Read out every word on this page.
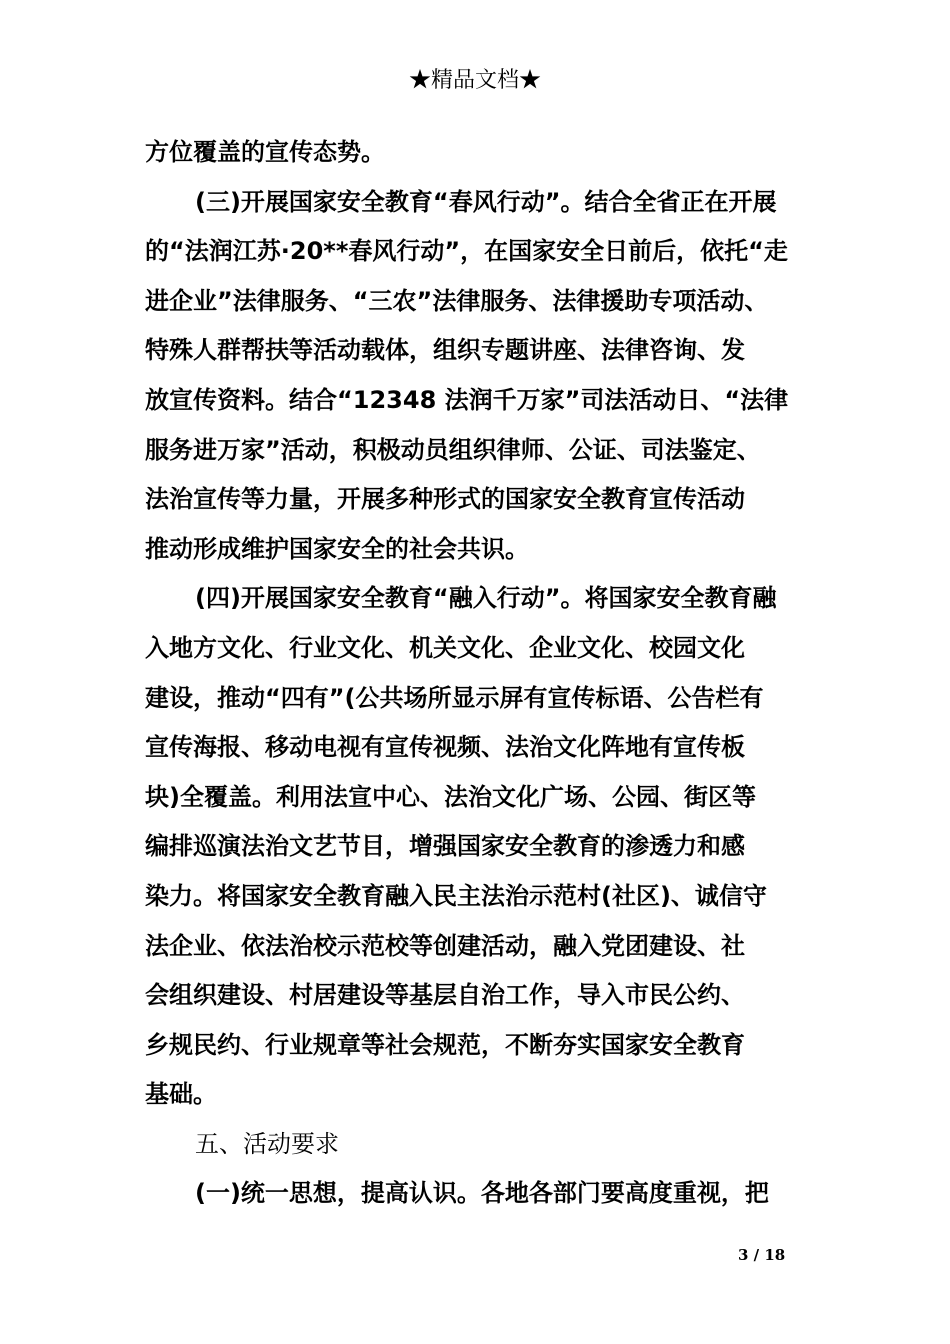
★精品文档★
方位覆盖的宣传态势。
(三)开展国家安全教育“春风行动”。结合全省正在开展
的“法润江苏·20**春风行动”，在国家安全日前后，依托“走
进企业”法律服务、“三农”法律服务、法律援助专项活动、
特殊人群帮扶等活动载体，组织专题讲座、法律咨询、发
放宣传资料。结合“12348 法润千万家”司法活动日、“法律
服务进万家”活动，积极动员组织律师、公证、司法鉴定、
法治宣传等力量，开展多种形式的国家安全教育宣传活动
推动形成维护国家安全的社会共识。
(四)开展国家安全教育“融入行动”。将国家安全教育融
入地方文化、行业文化、机关文化、企业文化、校园文化
建设，推动“四有”(公共场所显示屏有宣传标语、公告栏有
宣传海报、移动电视有宣传视频、法治文化阵地有宣传板
块)全覆盖。利用法宣中心、法治文化广场、公园、街区等
编排巡演法治文艺节目，增强国家安全教育的渗透力和感
染力。将国家安全教育融入民主法治示范村(社区)、诚信守
法企业、依法治校示范校等创建活动，融入党团建设、社
会组织建设、村居建设等基层自治工作，导入市民公约、
乡规民约、行业规章等社会规范，不断夯实国家安全教育
基础。
五、活动要求
(一)统一思想，提高认识。各地各部门要高度重视，把
3 / 18
